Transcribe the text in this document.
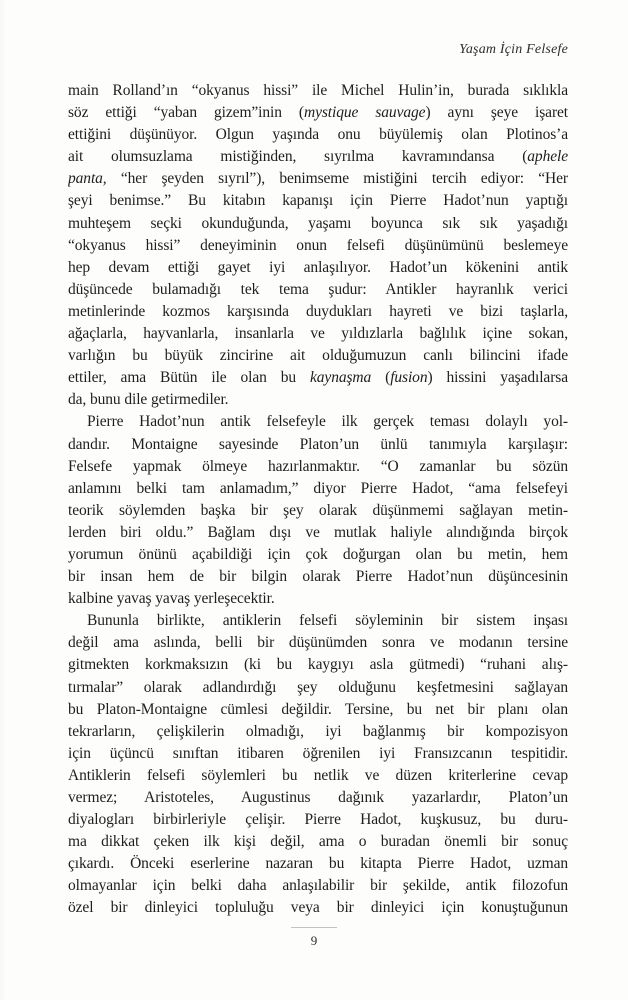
Yaşam İçin Felsefe
main Rolland’ın “okyanus hissi” ile Michel Hulin’in, burada sıklıkla
söz ettiği “yaban gizem”inin (mystique sauvage) aynı şeye işaret
ettiğini düşünüyor. Olgun yaşında onu büyülemiş olan Plotinos’a
ait olumsuzlama mistiğinden, sıyrılma kavramındansa (aphele
panta, “her şeyden sıyrıl”), benimseme mistiğini tercih ediyor: “Her
şeyi benimse.” Bu kitabın kapanışı için Pierre Hadot’nun yaptığı
muhteşem seçki okunduğunda, yaşamı boyunca sık sık yaşadığı
“okyanus hissi” deneyiminin onun felsefi düşünümünü beslemeye
hep devam ettiği gayet iyi anlaşılıyor. Hadot’un kökenini antik
düşüncede bulamadığı tek tema şudur: Antikler hayranlık verici
metinlerinde kozmos karşısında duydukları hayreti ve bizi taşlarla,
ağaçlarla, hayvanlarla, insanlarla ve yıldızlarla bağlılık içine sokan,
varlığın bu büyük zincirine ait olduğumuzun canlı bilincini ifade
ettiler, ama Bütün ile olan bu kaynaşma (fusion) hissini yaşadılarsa
da, bunu dile getirmediler.
Pierre Hadot’nun antik felsefeyle ilk gerçek teması dolaylı yol-
dandır. Montaigne sayesinde Platon’un ünlü tanımıyla karşılaşır:
Felsefe yapmak ölmeye hazırlanmaktır. “O zamanlar bu sözün
anlamını belki tam anlamadım,” diyor Pierre Hadot, “ama felsefeyi
teorik söylemden başka bir şey olarak düşünmemi sağlayan metin-
lerden biri oldu.” Bağlam dışı ve mutlak haliyle alındığında birçok
yorumun önünü açabildiği için çok doğurgan olan bu metin, hem
bir insan hem de bir bilgin olarak Pierre Hadot’nun düşüncesinin
kalbine yavaş yavaş yerleşecektir.
Bununla birlikte, antiklerin felsefi söyleminin bir sistem inşası
değil ama aslında, belli bir düşünümden sonra ve modanın tersine
gitmekten korkmaksızın (ki bu kaygıyı asla gütmedi) “ruhani alış-
tırmalar” olarak adlandırdığı şey olduğunu keşfetmesini sağlayan
bu Platon-Montaigne cümlesi değildir. Tersine, bu net bir planı olan
tekrarların, çelişkilerin olmadığı, iyi bağlanmış bir kompozisyon
için üçüncü sınıftan itibaren öğrenilen iyi Fransızcanın tespitidir.
Antiklerin felsefi söylemleri bu netlik ve düzen kriterlerine cevap
vermez; Aristoteles, Augustinus dağınık yazarlardır, Platon’un
diyalogları birbirleriyle çelişir. Pierre Hadot, kuşkusuz, bu duru-
ma dikkat çeken ilk kişi değil, ama o buradan önemli bir sonuç
çıkardı. Önceki eserlerine nazaran bu kitapta Pierre Hadot, uzman
olmayanlar için belki daha anlaşılabilir bir şekilde, antik filozofun
özel bir dinleyici topluluğu veya bir dinleyici için konuştuğunun
9
